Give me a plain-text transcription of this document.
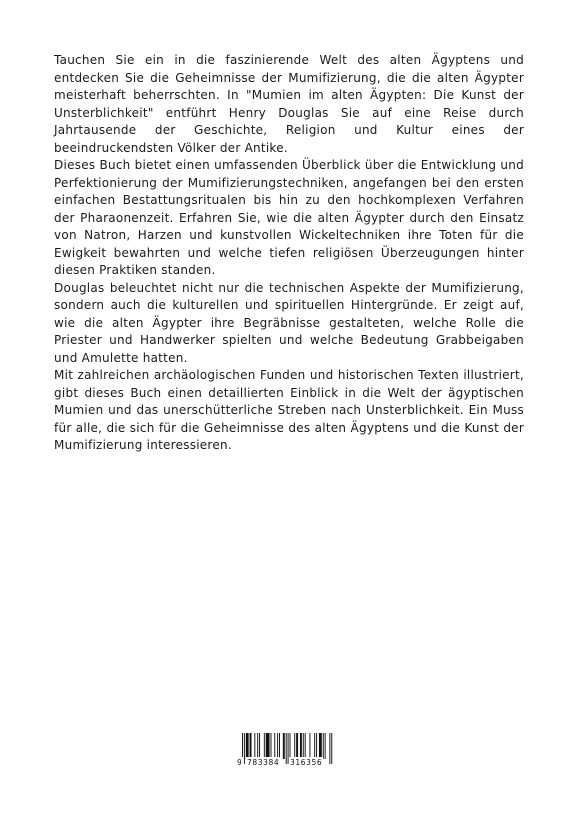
Tauchen Sie ein in die faszinierende Welt des alten Ägyptens und entdecken Sie die Geheimnisse der Mumifizierung, die die alten Ägypter meisterhaft beherrschten. In "Mumien im alten Ägypten: Die Kunst der Unsterblichkeit" entführt Henry Douglas Sie auf eine Reise durch Jahrtausende der Geschichte, Religion und Kultur eines der beeindruckendsten Völker der Antike.

Dieses Buch bietet einen umfassenden Überblick über die Entwicklung und Perfektionierung der Mumifizierungstechniken, angefangen bei den ersten einfachen Bestattungsritualen bis hin zu den hochkomplexen Verfahren der Pharaonenzeit. Erfahren Sie, wie die alten Ägypter durch den Einsatz von Natron, Harzen und kunstvollen Wickeltechniken ihre Toten für die Ewigkeit bewahrten und welche tiefen religiösen Überzeugungen hinter diesen Praktiken standen.

Douglas beleuchtet nicht nur die technischen Aspekte der Mumifizierung, sondern auch die kulturellen und spirituellen Hintergründe. Er zeigt auf, wie die alten Ägypter ihre Begräbnisse gestalteten, welche Rolle die Priester und Handwerker spielten und welche Bedeutung Grabbeigaben und Amulette hatten.

Mit zahlreichen archäologischen Funden und historischen Texten illustriert, gibt dieses Buch einen detaillierten Einblick in die Welt der ägyptischen Mumien und das unerschütterliche Streben nach Unsterblichkeit. Ein Muss für alle, die sich für die Geheimnisse des alten Ägyptens und die Kunst der Mumifizierung interessieren.

9 783384 316356
